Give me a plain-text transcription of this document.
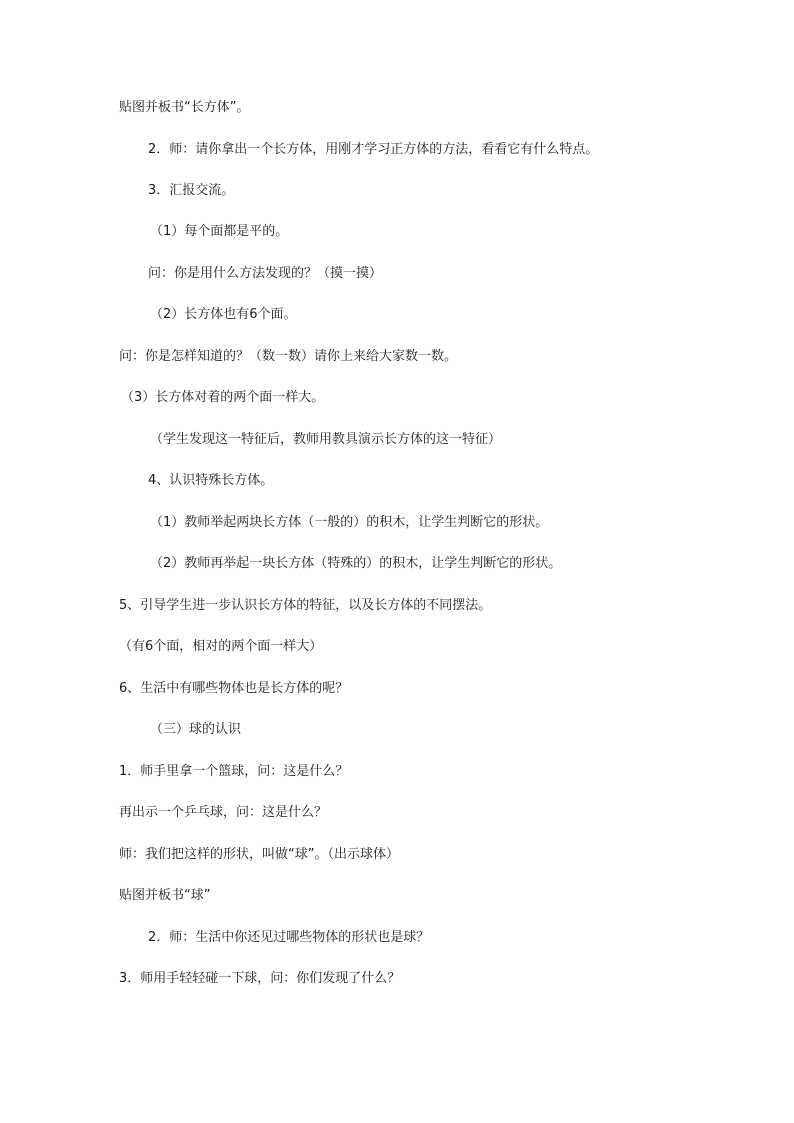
贴图并板书“长方体”。
2．师：请你拿出一个长方体，用刚才学习正方体的方法，看看它有什么特点。
3．汇报交流。
（1）每个面都是平的。
问：你是用什么方法发现的？（摸一摸）
（2）长方体也有6个面。
问：你是怎样知道的？（数一数）请你上来给大家数一数。
（3）长方体对着的两个面一样大。
（学生发现这一特征后，教师用教具演示长方体的这一特征）
4、认识特殊长方体。
（1）教师举起两块长方体（一般的）的积木，让学生判断它的形状。
（2）教师再举起一块长方体（特殊的）的积木，让学生判断它的形状。
5、引导学生进一步认识长方体的特征，以及长方体的不同摆法。
（有6个面，相对的两个面一样大）
6、生活中有哪些物体也是长方体的呢？
（三）球的认识
1．师手里拿一个篮球，问：这是什么？
再出示一个乒乓球，问：这是什么？
师：我们把这样的形状，叫做“球”。（出示球体）
贴图并板书“球”
2．师：生活中你还见过哪些物体的形状也是球？
3．师用手轻轻碰一下球，问：你们发现了什么？
